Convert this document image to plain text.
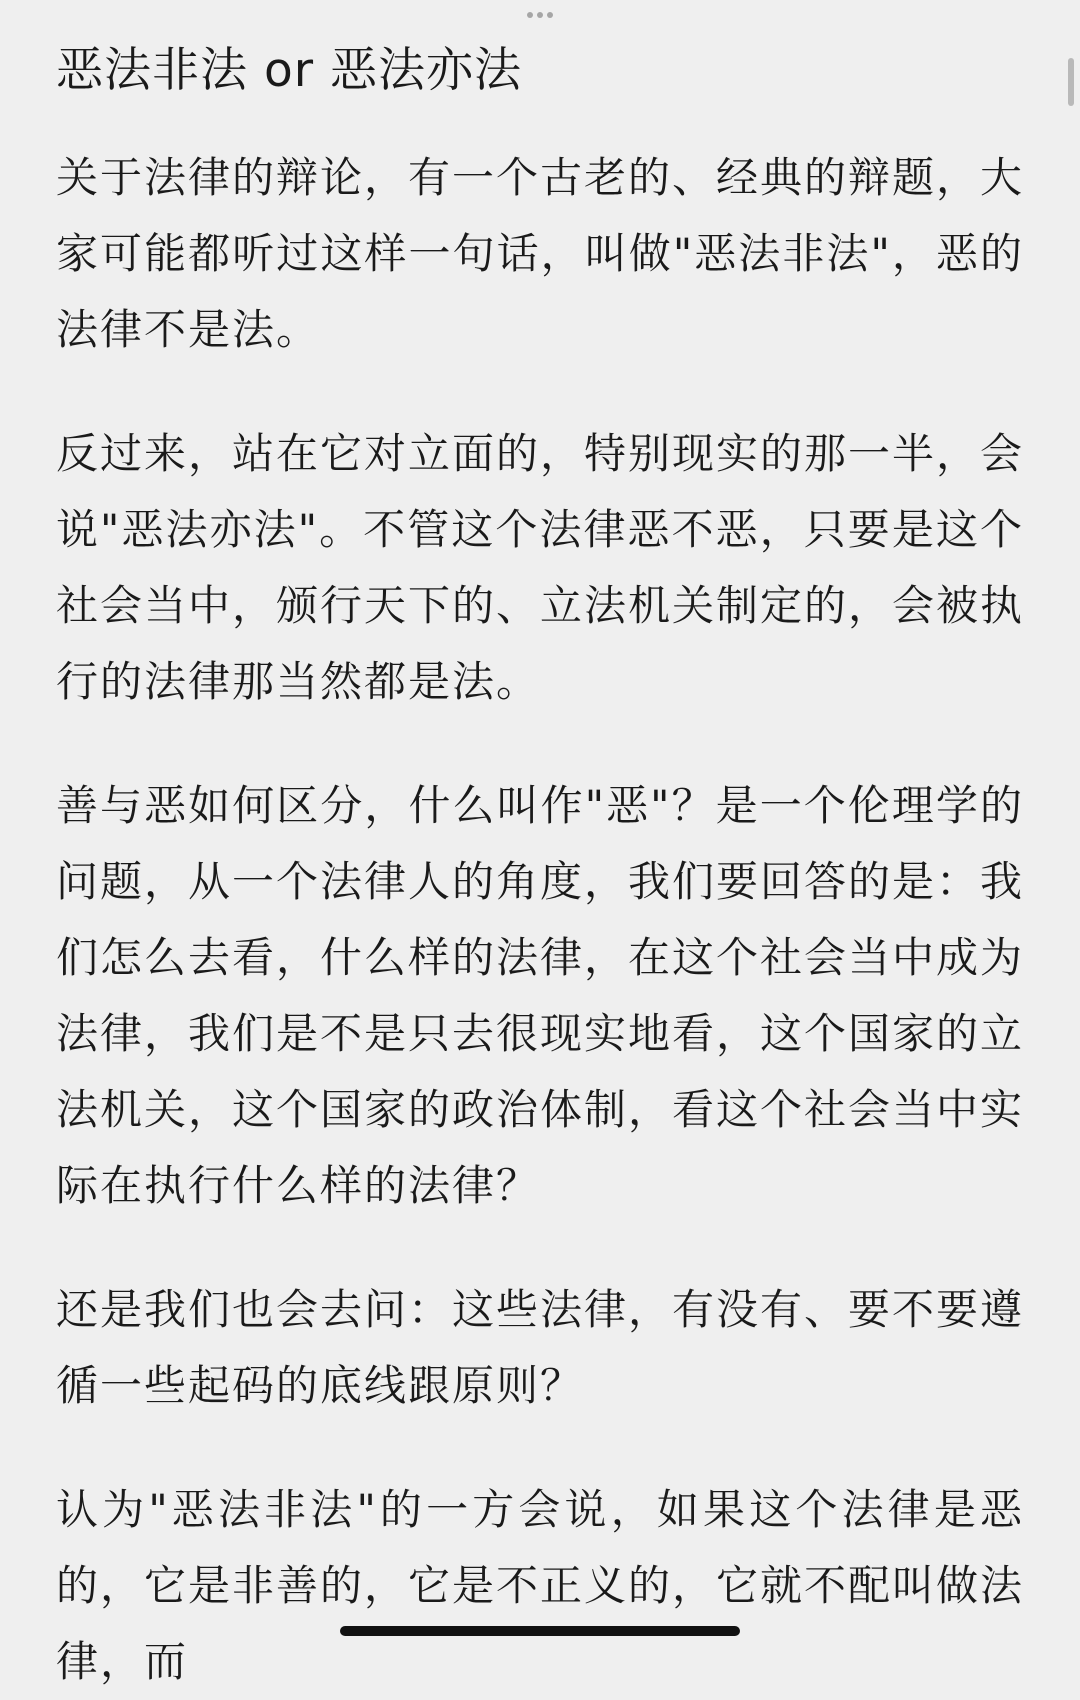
恶法非法 or 恶法亦法

关于法律的辩论，有一个古老的、经典的辩题，大家可能都听过这样一句话，叫做"恶法非法"，恶的法律不是法。

反过来，站在它对立面的，特别现实的那一半，会说"恶法亦法"。不管这个法律恶不恶，只要是这个社会当中，颁行天下的、立法机关制定的，会被执行的法律那当然都是法。

善与恶如何区分，什么叫作"恶"？是一个伦理学的问题，从一个法律人的角度，我们要回答的是：我们怎么去看，什么样的法律，在这个社会当中成为法律，我们是不是只去很现实地看，这个国家的立法机关，这个国家的政治体制，看这个社会当中实际在执行什么样的法律？

还是我们也会去问：这些法律，有没有、要不要遵循一些起码的底线跟原则？

认为"恶法非法"的一方会说，如果这个法律是恶的，它是非善的，它是不正义的，它就不配叫做法律，而
